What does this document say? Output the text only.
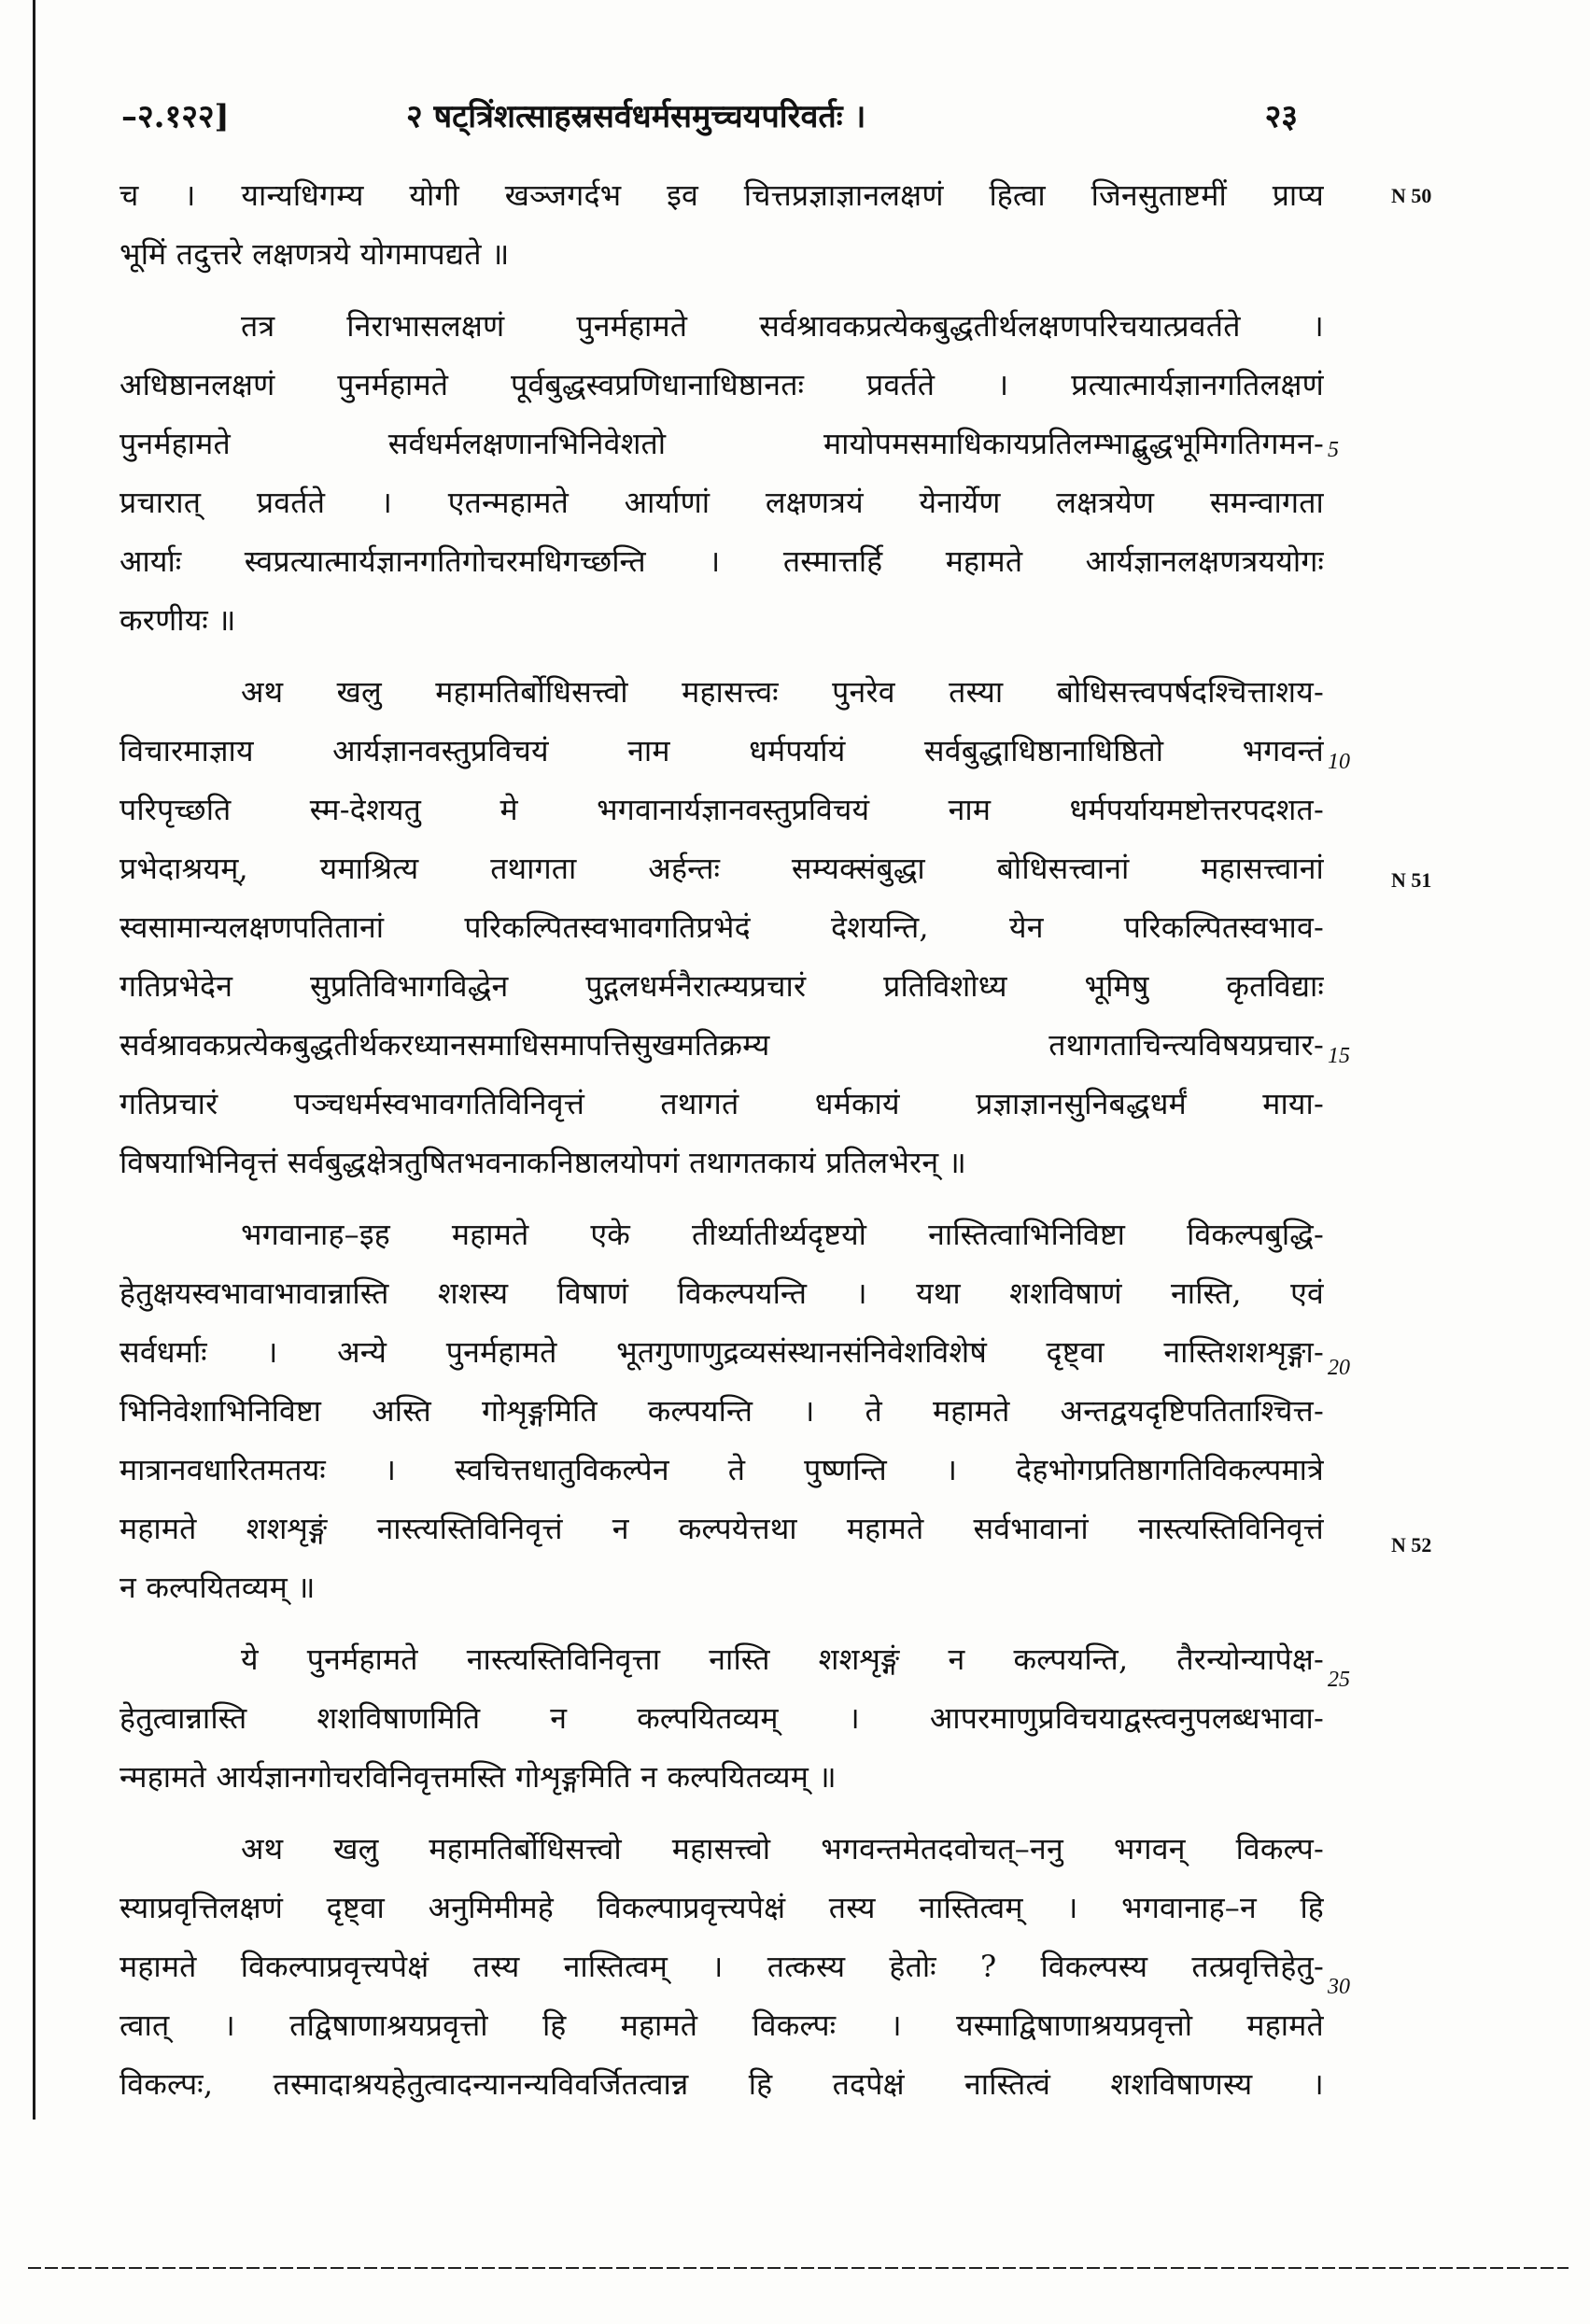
–२.१२२]	२ षट्त्रिंशत्साहस्रसर्वधर्मसमुच्चयपरिवर्तः ।	२३
च । यान्यधिगम्य योगी खञ्जगर्दभ इव चित्तप्रज्ञाज्ञानलक्षणं हित्वा जिनसुताष्टमीं प्राप्य
भूमिं तदुत्तरे लक्षणत्रये योगमापद्यते ॥
तत्र निराभासलक्षणं पुनर्महामते सर्वश्रावकप्रत्येकबुद्धतीर्थलक्षणपरिचयात्प्रवर्तते ।
अधिष्ठानलक्षणं पुनर्महामते पूर्वबुद्धस्वप्रणिधानाधिष्ठानतः प्रवर्तते । प्रत्यात्मार्यज्ञानगतिलक्षणं
पुनर्महामते सर्वधर्मलक्षणानभिनिवेशतो मायोपमसमाधिकायप्रतिलम्भाद्बुद्धभूमिगतिगमन-
प्रचारात् प्रवर्तते । एतन्महामते आर्याणां लक्षणत्रयं येनार्येण लक्षत्रयेण समन्वागता
आर्याः स्वप्रत्यात्मार्यज्ञानगतिगोचरमधिगच्छन्ति । तस्मात्तर्हि महामते आर्यज्ञानलक्षणत्रययोगः
करणीयः ॥
अथ खलु महामतिर्बोधिसत्त्वो महासत्त्वः पुनरेव तस्या बोधिसत्त्वपर्षदश्चित्ताशय-
विचारमाज्ञाय आर्यज्ञानवस्तुप्रविचयं नाम धर्मपर्यायं सर्वबुद्धाधिष्ठानाधिष्ठितो भगवन्तं
परिपृच्छति स्म-देशयतु मे भगवानार्यज्ञानवस्तुप्रविचयं नाम धर्मपर्यायमष्टोत्तरपदशत-
प्रभेदाश्रयम्, यमाश्रित्य तथागता अर्हन्तः सम्यक्संबुद्धा बोधिसत्त्वानां महासत्त्वानां
स्वसामान्यलक्षणपतितानां परिकल्पितस्वभावगतिप्रभेदं देशयन्ति, येन परिकल्पितस्वभाव-
गतिप्रभेदेन सुप्रतिविभागविद्धेन पुद्गलधर्मनैरात्म्यप्रचारं प्रतिविशोध्य भूमिषु कृतविद्याः
सर्वश्रावकप्रत्येकबुद्धतीर्थकरध्यानसमाधिसमापत्तिसुखमतिक्रम्य तथागताचिन्त्यविषयप्रचार-
गतिप्रचारं पञ्चधर्मस्वभावगतिविनिवृत्तं तथागतं धर्मकायं प्रज्ञाज्ञानसुनिबद्धधर्मं माया-
विषयाभिनिवृत्तं सर्वबुद्धक्षेत्रतुषितभवनाकनिष्ठालयोपगं तथागतकायं प्रतिलभेरन् ॥
भगवानाह–इह महामते एके तीर्थ्यातीर्थ्यदृष्टयो नास्तित्वाभिनिविष्टा विकल्पबुद्धि-
हेतुक्षयस्वभावाभावान्नास्ति शशस्य विषाणं विकल्पयन्ति । यथा शशविषाणं नास्ति, एवं
सर्वधर्माः । अन्ये पुनर्महामते भूतगुणाणुद्रव्यसंस्थानसंनिवेशविशेषं दृष्ट्वा नास्तिशशशृङ्गा-
भिनिवेशाभिनिविष्टा अस्ति गोशृङ्गमिति कल्पयन्ति । ते महामते अन्तद्वयदृष्टिपतिताश्चित्त-
मात्रानवधारितमतयः । स्वचित्तधातुविकल्पेन ते पुष्णन्ति । देहभोगप्रतिष्ठागतिविकल्पमात्रे
महामते शशशृङ्गं नास्त्यस्तिविनिवृत्तं न कल्पयेत्तथा महामते सर्वभावानां नास्त्यस्तिविनिवृत्तं
न कल्पयितव्यम् ॥
ये पुनर्महामते नास्त्यस्तिविनिवृत्ता नास्ति शशशृङ्गं न कल्पयन्ति, तैरन्योन्यापेक्ष-
हेतुत्वान्नास्ति शशविषाणमिति न कल्पयितव्यम् । आपरमाणुप्रविचयाद्वस्त्वनुपलब्धभावा-
न्महामते आर्यज्ञानगोचरविनिवृत्तमस्ति गोशृङ्गमिति न कल्पयितव्यम् ॥
अथ खलु महामतिर्बोधिसत्त्वो महासत्त्वो भगवन्तमेतदवोचत्–ननु भगवन् विकल्प-
स्याप्रवृत्तिलक्षणं दृष्ट्वा अनुमिमीमहे विकल्पाप्रवृत्त्यपेक्षं तस्य नास्तित्वम् । भगवानाह–न हि
महामते विकल्पाप्रवृत्त्यपेक्षं तस्य नास्तित्वम् । तत्कस्य हेतोः ? विकल्पस्य तत्प्रवृत्तिहेतु-
त्वात् । तद्विषाणाश्रयप्रवृत्तो हि महामते विकल्पः । यस्माद्विषाणाश्रयप्रवृत्तो महामते
विकल्पः, तस्मादाश्रयहेतुत्वादन्यानन्यविवर्जितत्वान्न हि तदपेक्षं नास्तित्वं शशविषाणस्य ।
5
10
15
20
25
30
N 50
N 51
N 52
